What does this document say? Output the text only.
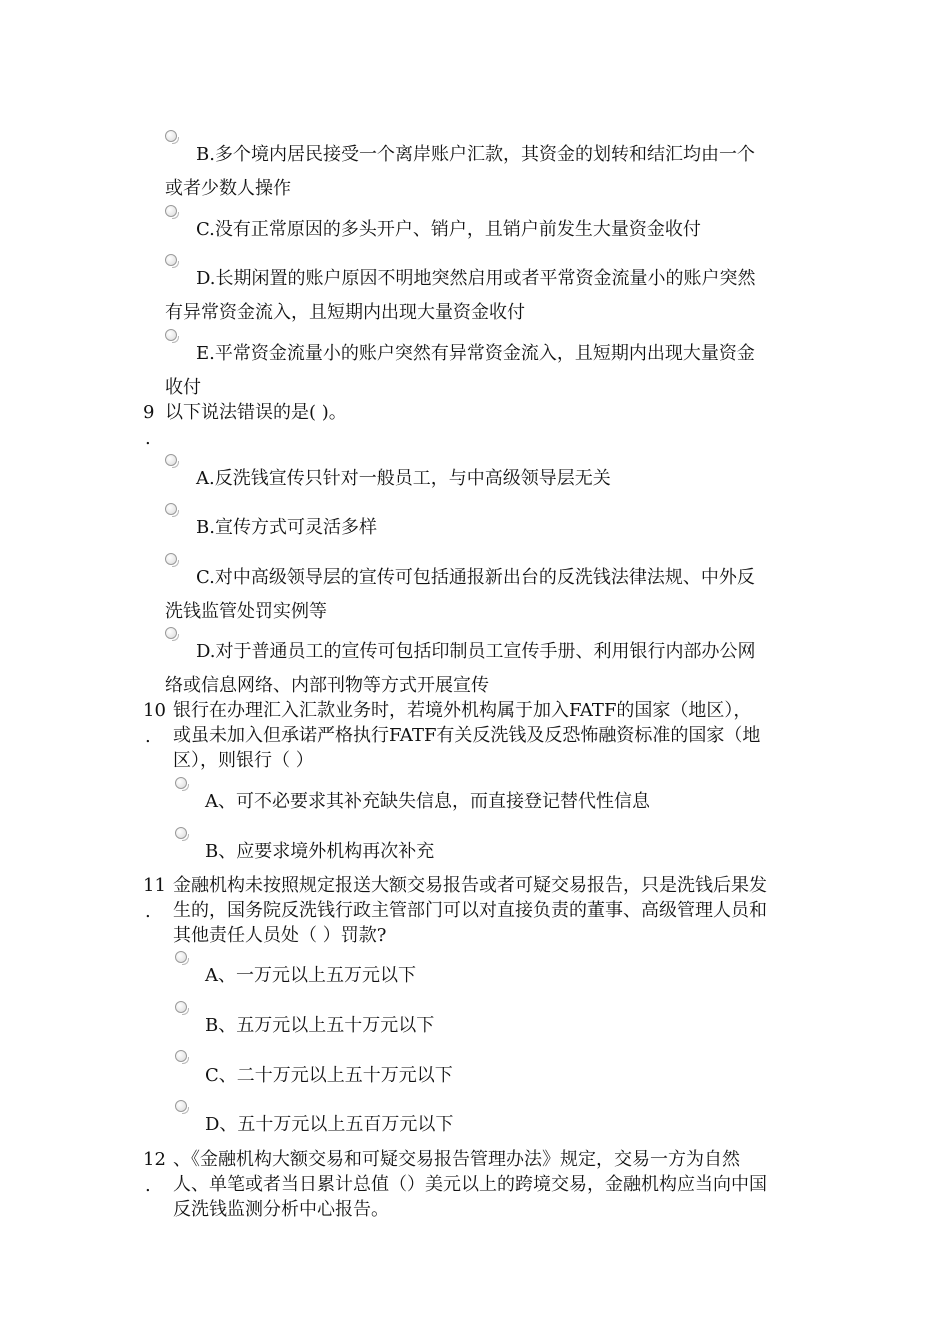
B.多个境内居民接受一个离岸账户汇款，其资金的划转和结汇均由一个
或者少数人操作
C.没有正常原因的多头开户、销户，且销户前发生大量资金收付
D.长期闲置的账户原因不明地突然启用或者平常资金流量小的账户突然
有异常资金流入，且短期内出现大量资金收付
E.平常资金流量小的账户突然有异常资金流入，且短期内出现大量资金
收付
9
.
以下说法错误的是( )。
A.反洗钱宣传只针对一般员工，与中高级领导层无关
B.宣传方式可灵活多样
C.对中高级领导层的宣传可包括通报新出台的反洗钱法律法规、中外反
洗钱监管处罚实例等
D.对于普通员工的宣传可包括印制员工宣传手册、利用银行内部办公网
络或信息网络、内部刊物等方式开展宣传
10
.
银行在办理汇入汇款业务时，若境外机构属于加入FATF的国家（地区），
或虽未加入但承诺严格执行FATF有关反洗钱及反恐怖融资标准的国家（地
区），则银行（ ）
A、可不必要求其补充缺失信息，而直接登记替代性信息
B、应要求境外机构再次补充
11
.
金融机构未按照规定报送大额交易报告或者可疑交易报告，只是洗钱后果发
生的，国务院反洗钱行政主管部门可以对直接负责的董事、高级管理人员和
其他责任人员处（ ）罚款?
A、一万元以上五万元以下
B、五万元以上五十万元以下
C、二十万元以上五十万元以下
D、五十万元以上五百万元以下
12
.
、《金融机构大额交易和可疑交易报告管理办法》规定，交易一方为自然
人、单笔或者当日累计总值（）美元以上的跨境交易，金融机构应当向中国
反洗钱监测分析中心报告。
